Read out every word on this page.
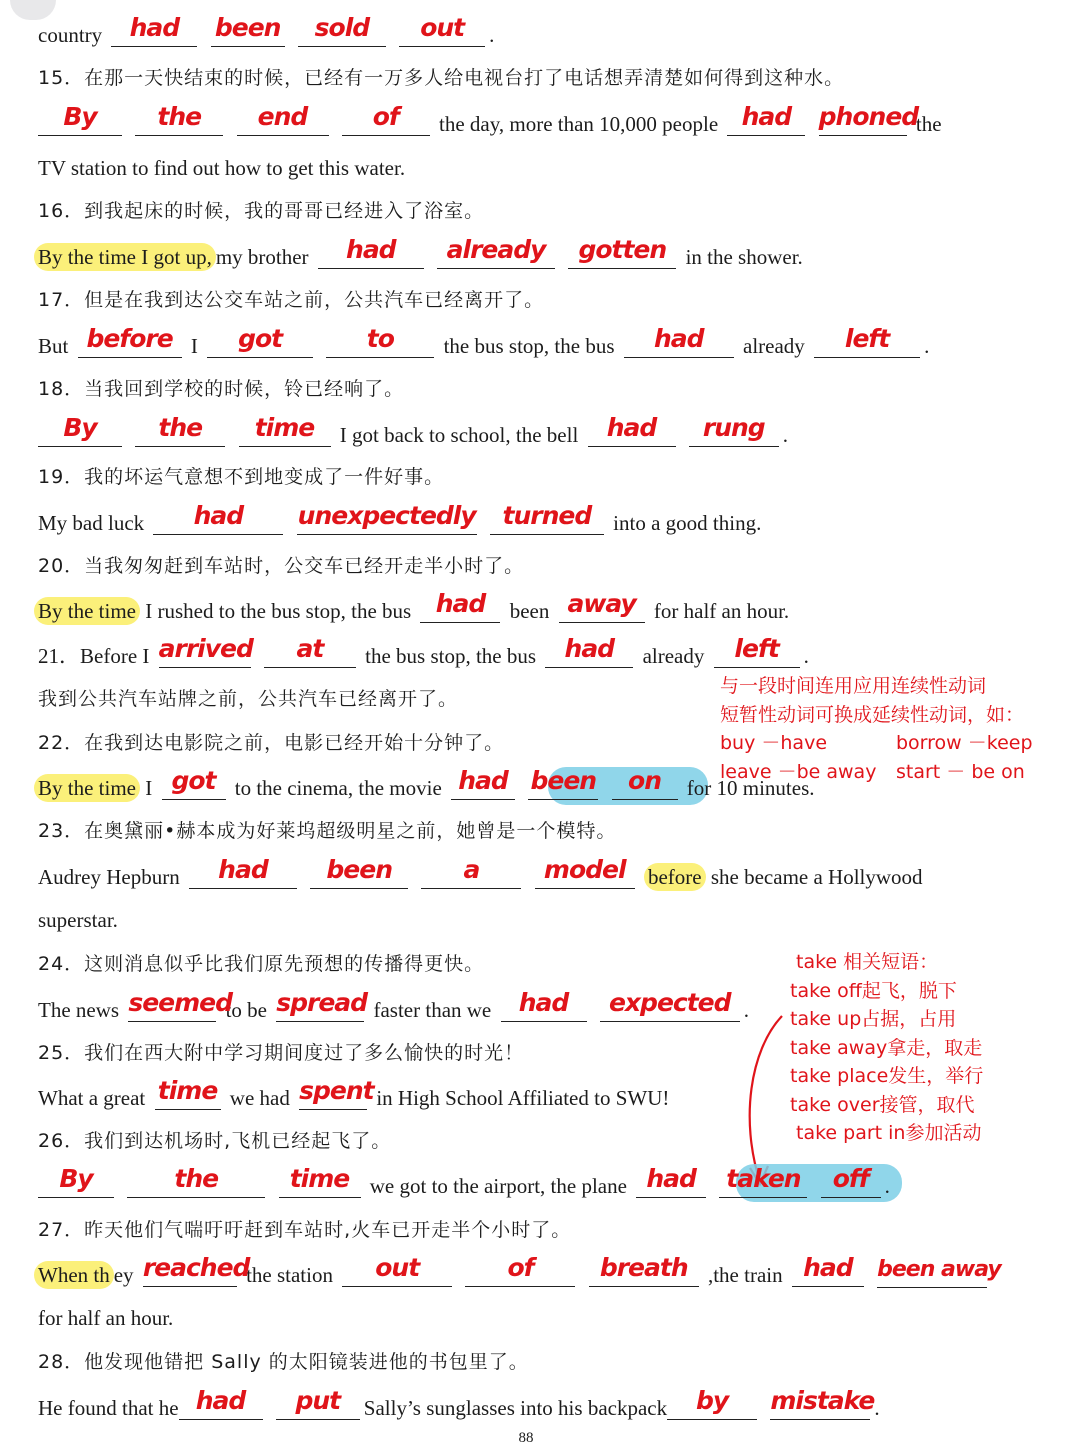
country had been sold out .
15．在那一天快结束的时候，已经有一万多人给电视台打了电话想弄清楚如何得到这种水。
By the end	of the day, more than 10,000 people had phoned the
TV station to find out how to get this water.
16．到我起床的时候，我的哥哥已经进入了浴室。
By the time I got up, my brother had already gotten in the shower.
17．但是在我到达公交车站之前，公共汽车已经离开了。
But before I got	to the bus stop, the bus had already left .
18．当我回到学校的时候，铃已经响了。
By the time I got back to school, the bell had rung .
19．我的坏运气意想不到地变成了一件好事。
My bad luck had unexpectedly turned into a good thing.
20．当我匆匆赶到车站时，公交车已经开走半小时了。
By the time I rushed to the bus stop, the bus had been away for half an hour.
21．Before I arrived at the bus stop, the bus had already left .
我到公共汽车站牌之前，公共汽车已经离开了。
22．在我到达电影院之前，电影已经开始十分钟了。
By the time I got to the cinema, the movie had been on for 10 minutes.
与一段时间连用应用连续性动词
短暂性动词可换成延续性动词，如：
buy －have	borrow －keep
leave －be away start － be on
23．在奥黛丽•赫本成为好莱坞超级明星之前，她曾是一个模特。
Audrey Hepburn had been	a	model before she became a Hollywood
superstar.
24．这则消息似乎比我们原先预想的传播得更快。
The news seemed to be spread faster than we had expected .
25．我们在西大附中学习期间度过了多么愉快的时光！
What a great time we had spent in High School Affiliated to SWU!
take 相关短语：
take off起飞，脱下
take up占据，占用
take away拿走，取走
take place发生，举行
take over接管，取代
take part in参加活动
26．我们到达机场时,飞机已经起飞了。
By	the	time we got to the airport, the plane had taken off .
27．昨天他们气喘吁吁赶到车站时,火车已开走半个小时了。
When th ey reached the station out	of	breath ,the train had been away
for half an hour.
28．他发现他错把 Sally 的太阳镜装进他的书包里了。
He found that he had put Sally’s sunglasses into his backpack by mistake.
88
